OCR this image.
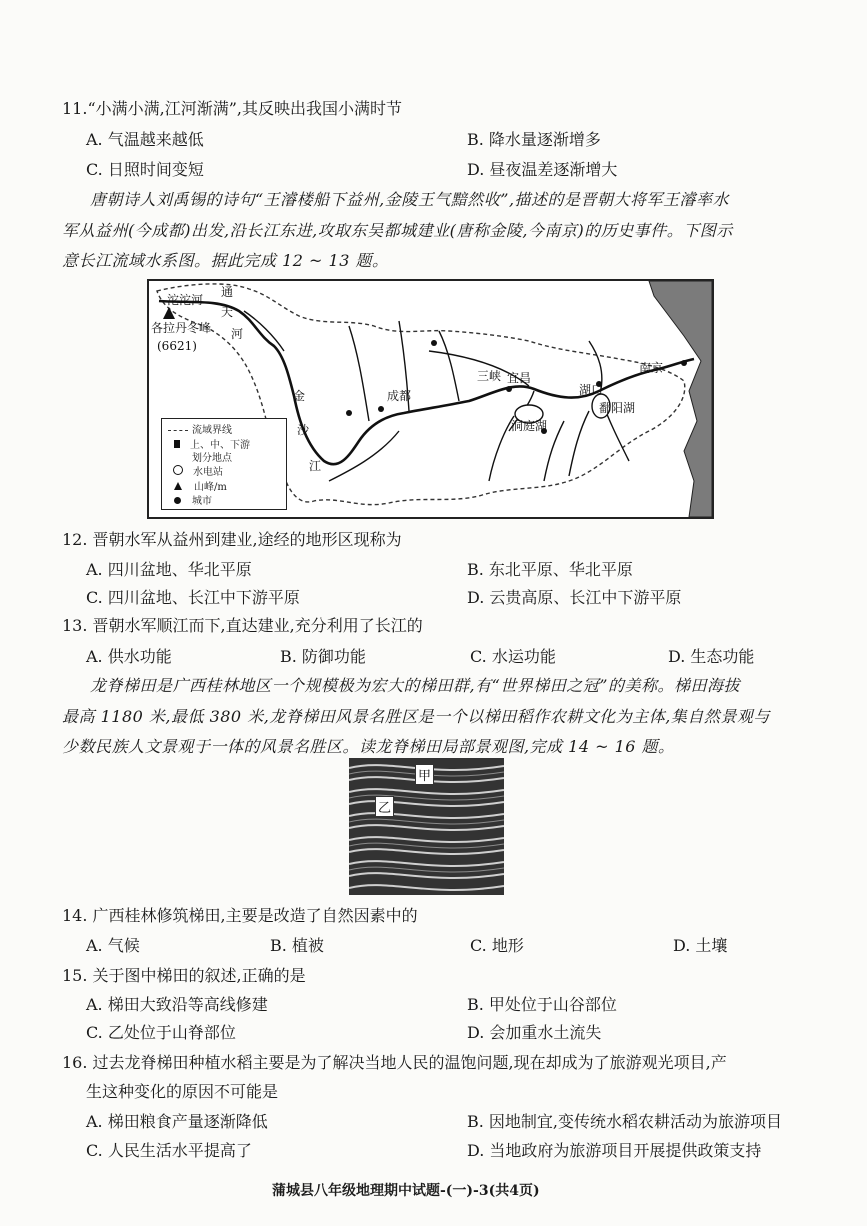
11.“小满小满,江河渐满”,其反映出我国小满时节
A. 气温越来越低	B. 降水量逐渐增多
C. 日照时间变短	D. 昼夜温差逐渐增大
唐朝诗人刘禹锡的诗句“王濬楼船下益州,金陵王气黯然收”,描述的是晋朝大将军王濬率水
军从益州(今成都)出发,沿长江东进,攻取东吴都城建业(唐称金陵,今南京)的历史事件。下图示
意长江流域水系图。据此完成 12 ~ 13 题。
沱沱河
通
天
河
各拉丹冬峰
(6621)
金
沙
江
成都
三峡 宜昌
洞庭湖
湖口
鄱阳湖
南京
流域界线
上、中、下游
划分地点
水电站
山峰/m
城市
12. 晋朝水军从益州到建业,途经的地形区现称为
A. 四川盆地、华北平原	B. 东北平原、华北平原
C. 四川盆地、长江中下游平原	D. 云贵高原、长江中下游平原
13. 晋朝水军顺江而下,直达建业,充分利用了长江的
A. 供水功能	B. 防御功能	C. 水运功能	D. 生态功能
龙脊梯田是广西桂林地区一个规模极为宏大的梯田群,有“世界梯田之冠”的美称。梯田海拔
最高 1180 米,最低 380 米,龙脊梯田风景名胜区是一个以梯田稻作农耕文化为主体,集自然景观与
少数民族人文景观于一体的风景名胜区。读龙脊梯田局部景观图,完成 14 ~ 16 题。
甲
乙
14. 广西桂林修筑梯田,主要是改造了自然因素中的
A. 气候	B. 植被	C. 地形	D. 土壤
15. 关于图中梯田的叙述,正确的是
A. 梯田大致沿等高线修建	B. 甲处位于山谷部位
C. 乙处位于山脊部位	D. 会加重水土流失
16. 过去龙脊梯田种植水稻主要是为了解决当地人民的温饱问题,现在却成为了旅游观光项目,产
生这种变化的原因不可能是
A. 梯田粮食产量逐渐降低	B. 因地制宜,变传统水稻农耕活动为旅游项目
C. 人民生活水平提高了	D. 当地政府为旅游项目开展提供政策支持
蒲城县八年级地理期中试题-(一)-3(共4页)
